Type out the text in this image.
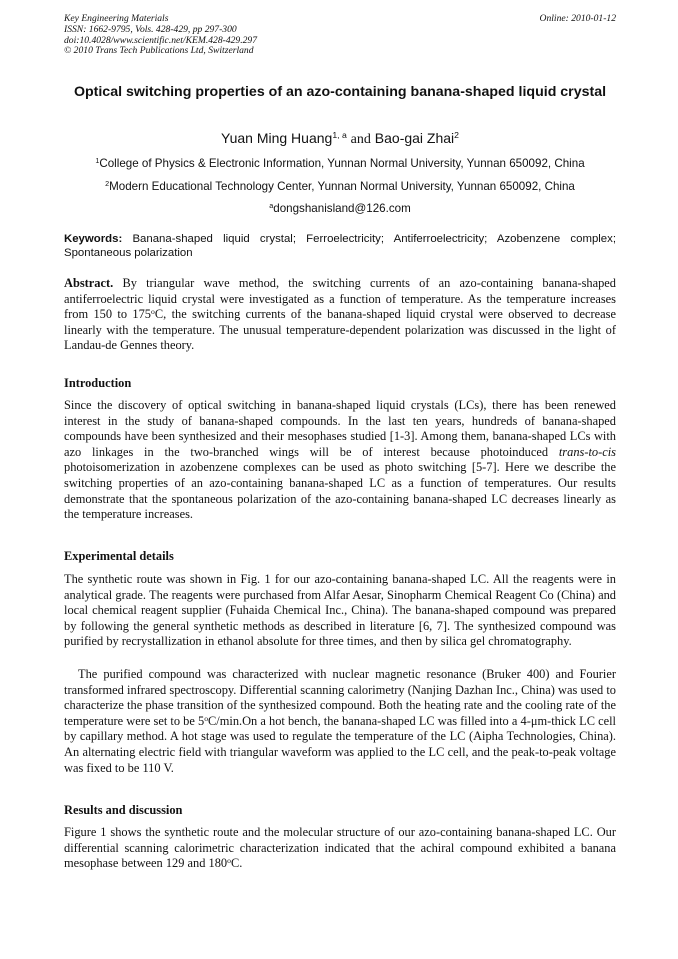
Key Engineering Materials
ISSN: 1662-9795, Vols. 428-429, pp 297-300
doi:10.4028/www.scientific.net/KEM.428-429.297
© 2010 Trans Tech Publications Ltd, Switzerland
Online: 2010-01-12
Optical switching properties of an azo-containing banana-shaped liquid crystal
Yuan Ming Huang$^{1, a}$ and Bao-gai Zhai$^2$
$^1$College of Physics & Electronic Information, Yunnan Normal University, Yunnan 650092, China
$^2$Modern Educational Technology Center, Yunnan Normal University, Yunnan 650092, China
$^a$dongshanisland@126.com
Keywords: Banana-shaped liquid crystal; Ferroelectricity; Antiferroelectricity; Azobenzene complex; Spontaneous polarization
Abstract. By triangular wave method, the switching currents of an azo-containing banana-shaped antiferroelectric liquid crystal were investigated as a function of temperature. As the temperature increases from 150 to 175$^o$C, the switching currents of the banana-shaped liquid crystal were observed to decrease linearly with the temperature. The unusual temperature-dependent polarization was discussed in the light of Landau-de Gennes theory.
Introduction
Since the discovery of optical switching in banana-shaped liquid crystals (LCs), there has been renewed interest in the study of banana-shaped compounds. In the last ten years, hundreds of banana-shaped compounds have been synthesized and their mesophases studied [1-3]. Among them, banana-shaped LCs with azo linkages in the two-branched wings will be of interest because photoinduced trans-to-cis photoisomerization in azobenzene complexes can be used as photo switching [5-7]. Here we describe the switching properties of an azo-containing banana-shaped LC as a function of temperatures. Our results demonstrate that the spontaneous polarization of the azo-containing banana-shaped LC decreases linearly as the temperature increases.
Experimental details
The synthetic route was shown in Fig. 1 for our azo-containing banana-shaped LC. All the reagents were in analytical grade. The reagents were purchased from Alfar Aesar, Sinopharm Chemical Reagent Co (China) and local chemical reagent supplier (Fuhaida Chemical Inc., China). The banana-shaped compound was prepared by following the general synthetic methods as described in literature [6, 7]. The synthesized compound was purified by recrystallization in ethanol absolute for three times, and then by silica gel chromatography.
The purified compound was characterized with nuclear magnetic resonance (Bruker 400) and Fourier transformed infrared spectroscopy. Differential scanning calorimetry (Nanjing Dazhan Inc., China) was used to characterize the phase transition of the synthesized compound. Both the heating rate and the cooling rate of the temperature were set to be 5$^o$C/min.On a hot bench, the banana-shaped LC was filled into a 4-μm-thick LC cell by capillary method. A hot stage was used to regulate the temperature of the LC (Aipha Technologies, China). An alternating electric field with triangular waveform was applied to the LC cell, and the peak-to-peak voltage was fixed to be 110 V.
Results and discussion
Figure 1 shows the synthetic route and the molecular structure of our azo-containing banana-shaped LC. Our differential scanning calorimetric characterization indicated that the achiral compound exhibited a banana mesophase between 129 and 180$^o$C.
